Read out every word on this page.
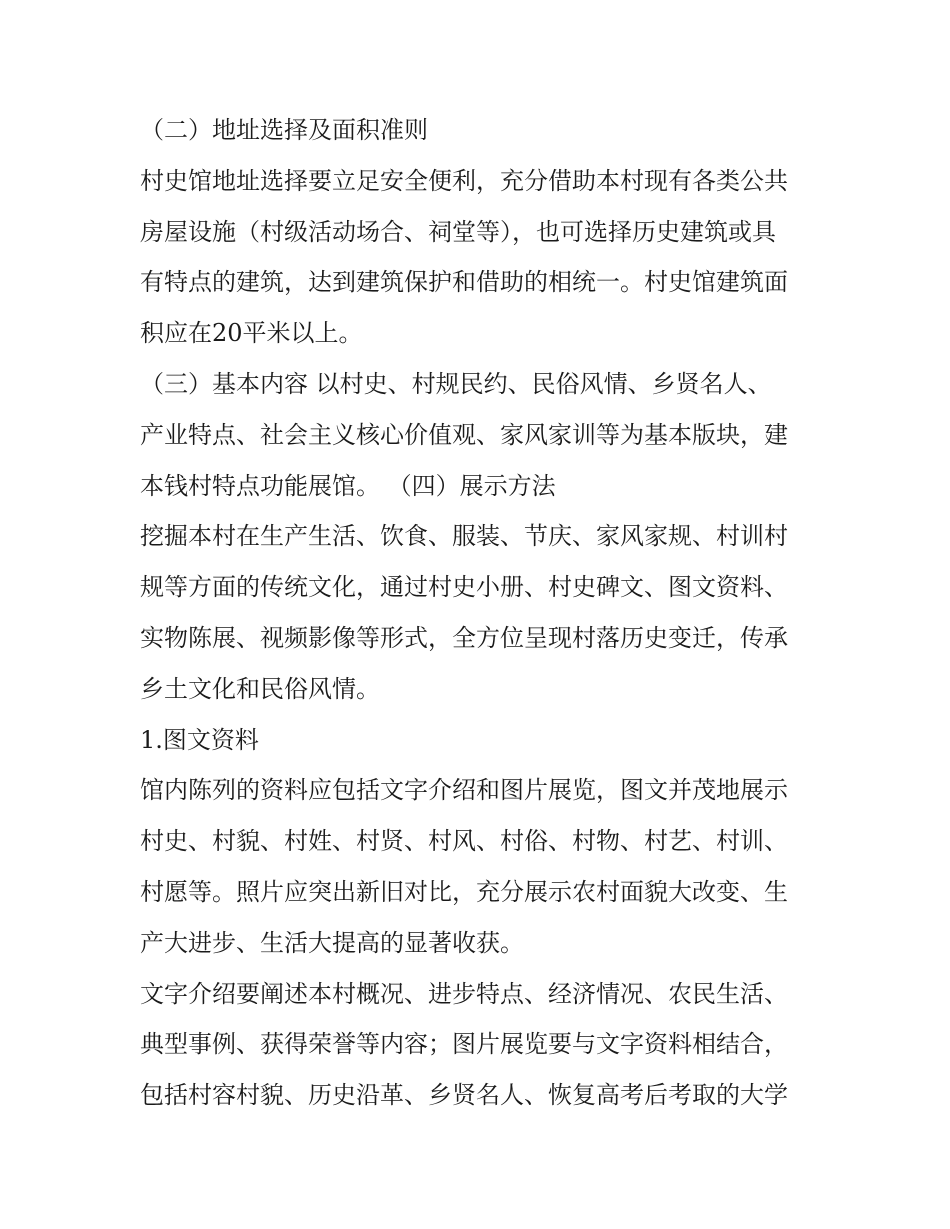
（二）地址选择及面积准则
村史馆地址选择要立足安全便利，充分借助本村现有各类公共
房屋设施（村级活动场合、祠堂等），也可选择历史建筑或具
有特点的建筑，达到建筑保护和借助的相统一。村史馆建筑面
积应在20平米以上。
（三）基本内容 以村史、村规民约、民俗风情、乡贤名人、
产业特点、社会主义核心价值观、家风家训等为基本版块，建
本钱村特点功能展馆。 （四）展示方法
挖掘本村在生产生活、饮食、服装、节庆、家风家规、村训村
规等方面的传统文化，通过村史小册、村史碑文、图文资料、
实物陈展、视频影像等形式，全方位呈现村落历史变迁，传承
乡土文化和民俗风情。
1.图文资料
馆内陈列的资料应包括文字介绍和图片展览，图文并茂地展示
村史、村貌、村姓、村贤、村风、村俗、村物、村艺、村训、
村愿等。照片应突出新旧对比，充分展示农村面貌大改变、生
产大进步、生活大提高的显著收获。
文字介绍要阐述本村概况、进步特点、经济情况、农民生活、
典型事例、获得荣誉等内容；图片展览要与文字资料相结合，
包括村容村貌、历史沿革、乡贤名人、恢复高考后考取的大学
